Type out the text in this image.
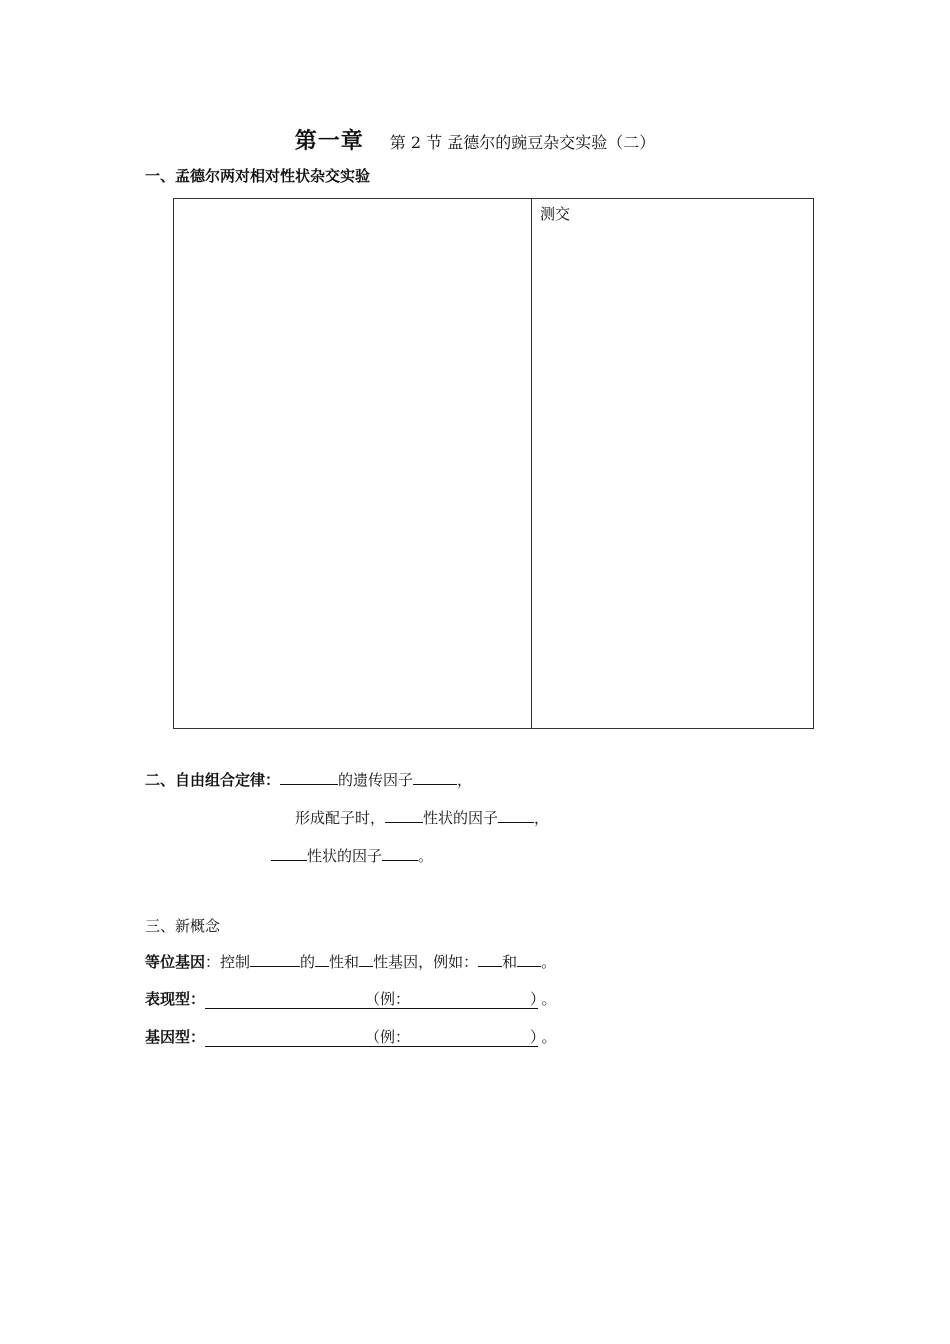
第一章 第 2 节 孟德尔的豌豆杂交实验（二）
一、孟德尔两对相对性状杂交实验
测交
二、自由组合定律：	的遗传因子	，
形成配子时，	性状的因子 ，
性状的因子 。
三、新概念
等位基因：控制	的 性和 性基因，例如： 和 。
表现型：	（例：	） 。
基因型：	（例：	） 。
